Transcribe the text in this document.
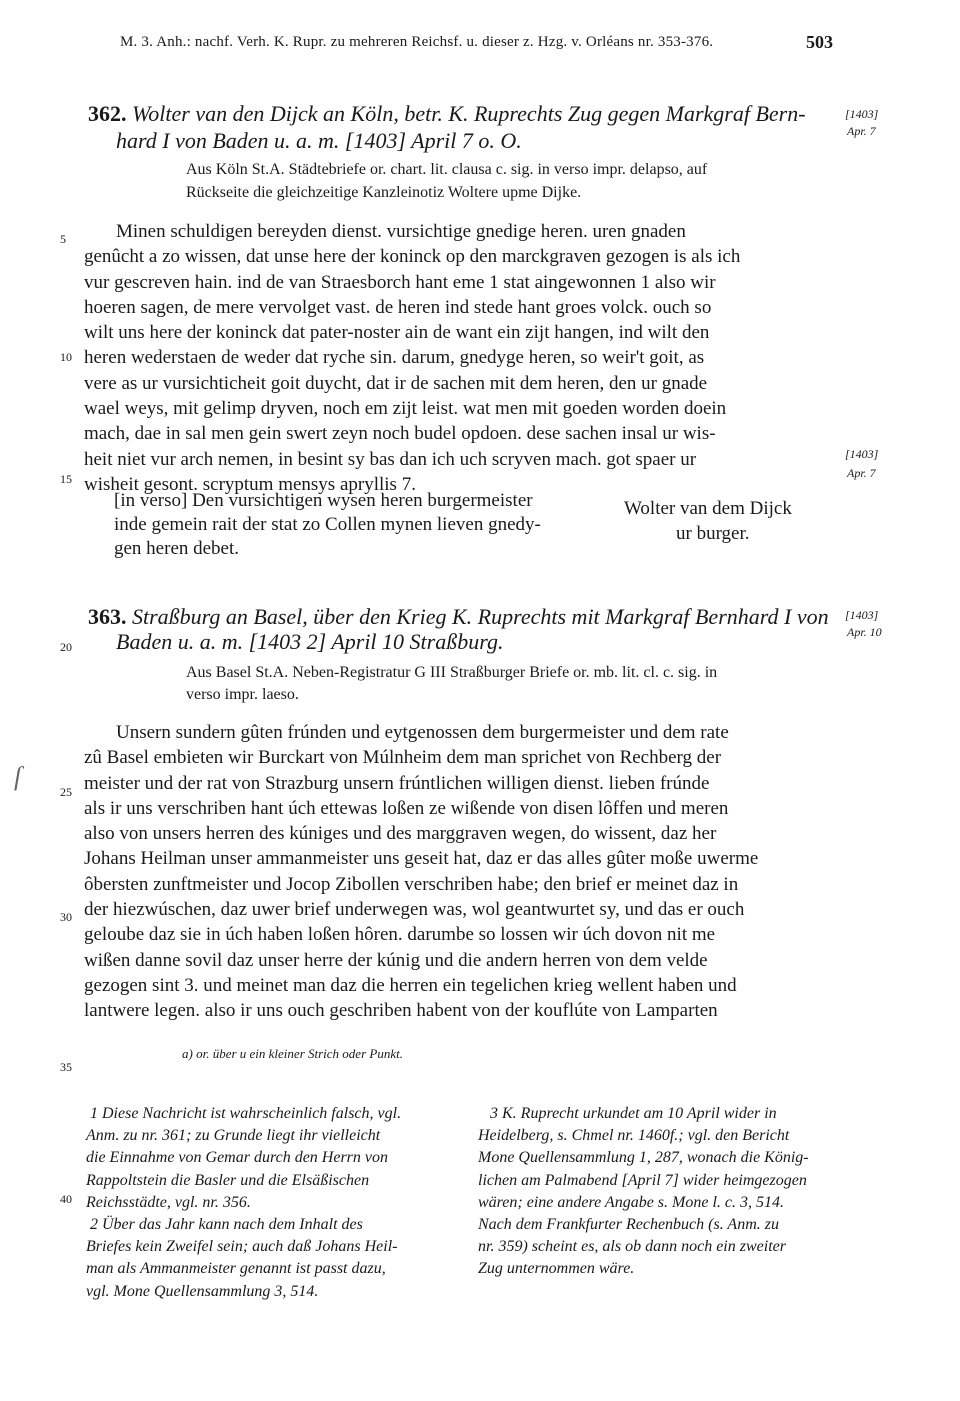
M. 3. Anh.: nachf. Verh. K. Rupr. zu mehreren Reichsf. u. dieser z. Hzg. v. Orléans nr. 353-376.	503
362. Wolter van den Dijck an Köln, betr. K. Ruprechts Zug gegen Markgraf Bern-
hard I von Baden u. a. m. [1403] April 7 o. O.
[1403]
Apr. 7
Aus Köln St.A. Städtebriefe or. chart. lit. clausa c. sig. in verso impr. delapso, auf
Rückseite die gleichzeitige Kanzleinotiz Woltere upme Dijke.
Minen schuldigen bereyden dienst. vursichtige gnedige heren. uren gnaden
genûcht a zo wissen, dat unse here der koninck op den marckgraven gezogen is als ich
vur gescreven hain. ind de van Straesborch hant eme 1 stat aingewonnen 1 also wir
hoeren sagen, de mere vervolget vast. de heren ind stede hant groes volck. ouch so
wilt uns here der koninck dat pater-noster ain de want ein zijt hangen, ind wilt den
heren wederstaen de weder dat ryche sin. darum, gnedyge heren, so weir't goit, as
vere as ur vursichticheit goit duycht, dat ir de sachen mit dem heren, den ur gnade
wael weys, mit gelimp dryven, noch em zijt leist. wat men mit goeden worden doein
mach, dae in sal men gein swert zeyn noch budel opdoen. dese sachen insal ur wis-
heit niet vur arch nemen, in besint sy bas dan ich uch scryven mach. got spaer ur
wisheit gesont. scryptum mensys apryllis 7.
[1403]
Apr. 7
[in verso] Den vursichtigen wysen heren burgermeister
inde gemein rait der stat zo Collen mynen lieven gnedy-
gen heren debet.
Wolter van dem Dijck
ur burger.
363. Straßburg an Basel, über den Krieg K. Ruprechts mit Markgraf Bernhard I von
Baden u. a. m. [1403 2] April 10 Straßburg.
[1403]
Apr. 10
Aus Basel St.A. Neben-Registratur G III Straßburger Briefe or. mb. lit. cl. c. sig. in
verso impr. laeso.
Unsern sundern gûten frúnden und eytgenossen dem burgermeister und dem rate
zû Basel embieten wir Burckart von Múlnheim dem man sprichet von Rechberg der
meister und der rat von Strazburg unsern frúntlichen willigen dienst. lieben frúnde
als ir uns verschriben hant úch ettewas loßen ze wißende von disen lôffen und meren
also von unsers herren des kúniges und des marggraven wegen, do wissent, daz her
Johans Heilman unser ammanmeister uns geseit hat, daz er das alles gûter moße uwerme
ôbersten zunftmeister und Jocop Zibollen verschriben habe; den brief er meinet daz in
der hiezwúschen, daz uwer brief underwegen was, wol geantwurtet sy, und das er ouch
geloube daz sie in úch haben loßen hôren. darumbe so lossen wir úch dovon nit me
wißen danne sovil daz unser herre der kúnig und die andern herren von dem velde
gezogen sint 3. und meinet man daz die herren ein tegelichen krieg wellent haben und
lantwere legen. also ir uns ouch geschriben habent von der kouflúte von Lamparten
ſ
5
10
15
20
25
30
35
40
a) or. über u ein kleiner Strich oder Punkt.
1 Diese Nachricht ist wahrscheinlich falsch, vgl.
Anm. zu nr. 361; zu Grunde liegt ihr vielleicht
die Einnahme von Gemar durch den Herrn von
Rappoltstein die Basler und die Elsäßischen
Reichsstädte, vgl. nr. 356.
2 Über das Jahr kann nach dem Inhalt des
Briefes kein Zweifel sein; auch daß Johans Heil-
man als Ammanmeister genannt ist passt dazu,
vgl. Mone Quellensammlung 3, 514.
3 K. Ruprecht urkundet am 10 April wider in
Heidelberg, s. Chmel nr. 1460f.; vgl. den Bericht
Mone Quellensammlung 1, 287, wonach die König-
lichen am Palmabend [April 7] wider heimgezogen
wären; eine andere Angabe s. Mone l. c. 3, 514.
Nach dem Frankfurter Rechenbuch (s. Anm. zu
nr. 359) scheint es, als ob dann noch ein zweiter
Zug unternommen wäre.
